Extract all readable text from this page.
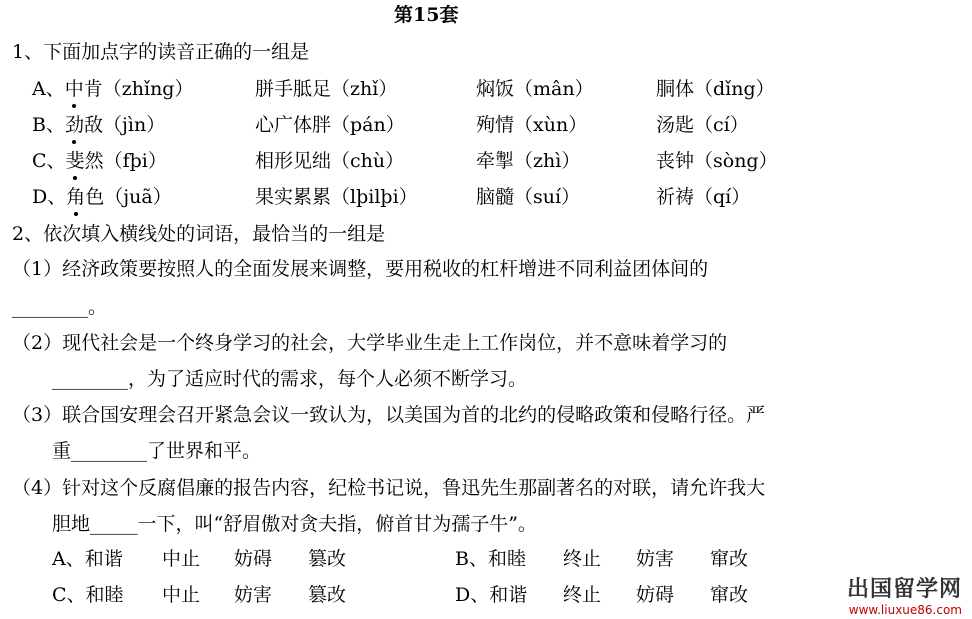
第15套
1、下面加点字的读音正确的一组是
A、中肯（zhǐng）	胼手胝足（zhǐ）	焖饭（mân）	胴体（dǐng）
B、劲敌（jìn）	心广体胖（pán）	殉情（xùn）	汤匙（cí）
C、斐然（fþi）	相形见绌（chù）	牵掣（zhì）	丧钟（sòng）
D、角色（juã）	果实累累（lþilþi）	脑髓（suí）	祈祷（qí）
2、依次填入横线处的词语，最恰当的一组是
（1）经济政策要按照人的全面发展来调整，要用税收的杠杆增进不同利益团体间的
________。
（2）现代社会是一个终身学习的社会，大学毕业生走上工作岗位，并不意味着学习的
________，为了适应时代的需求，每个人必须不断学习。
（3）联合国安理会召开紧急会议一致认为，以美国为首的北约的侵略政策和侵略行径。严
重________了世界和平。
（4）针对这个反腐倡廉的报告内容，纪检书记说，鲁迅先生那副著名的对联，请允许我大
胆地_____一下，叫“舒眉傲对贪夫指，俯首甘为孺子牛”。
A、和谐 中止 妨碍 篡改	B、和睦 终止 妨害 窜改
C、和睦 中止 妨害 篡改	D、和谐 终止 妨碍 窜改	出国留学网
www.liuxue86.com
